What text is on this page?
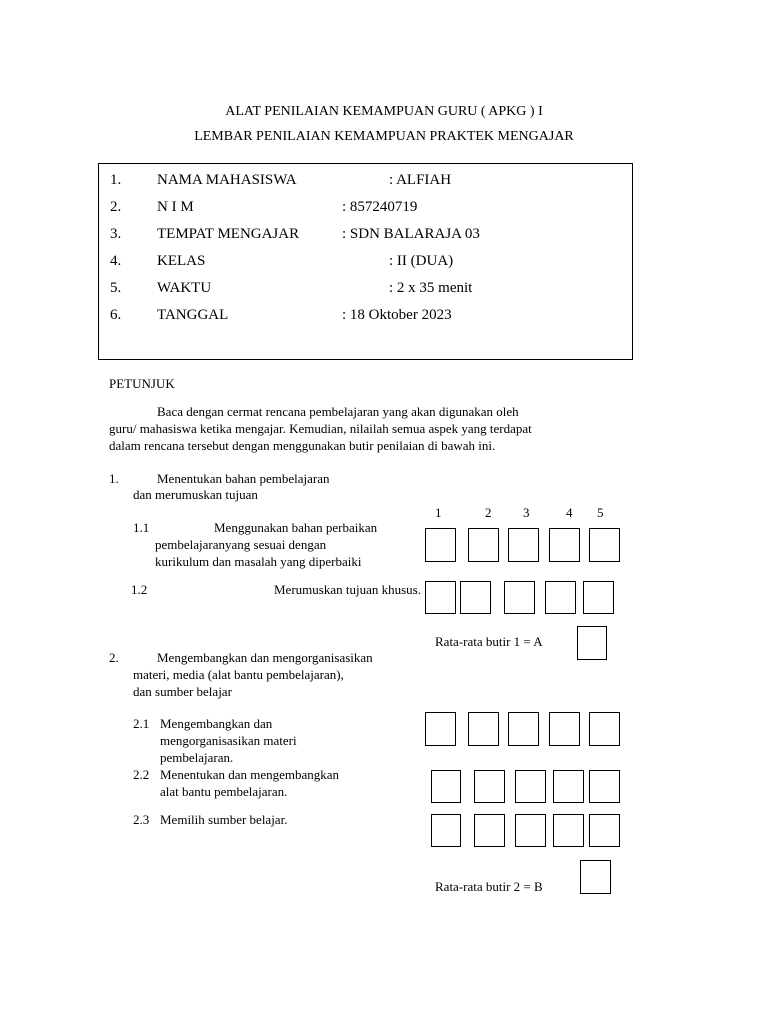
ALAT PENILAIAN KEMAMPUAN GURU ( APKG ) I
LEMBAR PENILAIAN KEMAMPUAN PRAKTEK MENGAJAR
1. NAMA MAHASISWA	: ALFIAH
2. N I M	: 857240719
3. TEMPAT MENGAJAR	: SDN BALARAJA 03
4. KELAS	: II (DUA)
5. WAKTU	: 2 x 35 menit
6. TANGGAL	: 18 Oktober 2023
PETUNJUK
Baca dengan cermat rencana pembelajaran yang akan digunakan oleh
guru/ mahasiswa ketika mengajar. Kemudian, nilailah semua aspek yang terdapat
dalam rencana tersebut dengan menggunakan butir penilaian di bawah ini.
1.	Menentukan bahan pembelajaran
dan merumuskan tujuan
1	2 3	4 5
1.1	Menggunakan bahan perbaikan
pembelajaranyang sesuai dengan
kurikulum dan masalah yang diperbaiki
1.2	Merumuskan tujuan khusus.
Rata-rata butir 1 = A
2.	Mengembangkan dan mengorganisasikan
materi, media (alat bantu pembelajaran),
dan sumber belajar
2.1 Mengembangkan dan
mengorganisasikan materi
pembelajaran.
2.2 Menentukan dan mengembangkan
alat bantu pembelajaran.
2.3 Memilih sumber belajar.
Rata-rata butir 2 = B
